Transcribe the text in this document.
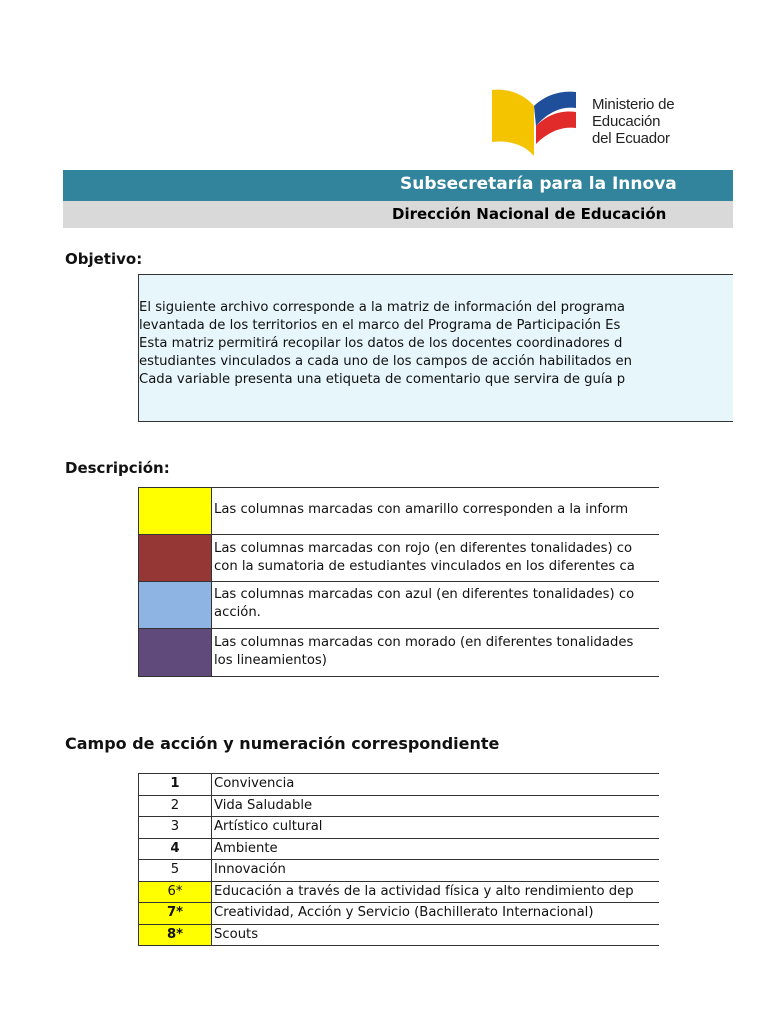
Ministerio de
Educación
del Ecuador
Subsecretaría para la Innova
Dirección Nacional de Educación
Objetivo:
El siguiente archivo corresponde a la matriz de información del programa
levantada de los territorios en el marco del Programa de Participación Es
Esta matriz permitirá recopilar los datos de los docentes coordinadores d
estudiantes vinculados a cada uno de los campos de acción habilitados en
Cada variable presenta una etiqueta de comentario que servira de guía p
Descripción:
Las columnas marcadas con amarillo corresponden a la inform
Las columnas marcadas con rojo (en diferentes tonalidades) co
con la sumatoria de estudiantes vinculados en los diferentes ca
Las columnas marcadas con azul (en diferentes tonalidades) co
acción.
Las columnas marcadas con morado (en diferentes tonalidades
los lineamientos)
Campo de acción y numeración correspondiente
1	Convivencia
2	Vida Saludable
3	Artístico cultural
4	Ambiente
5	Innovación
6*	Educación a través de la actividad física y alto rendimiento dep
7*	Creatividad, Acción y Servicio (Bachillerato Internacional)
8*	Scouts
